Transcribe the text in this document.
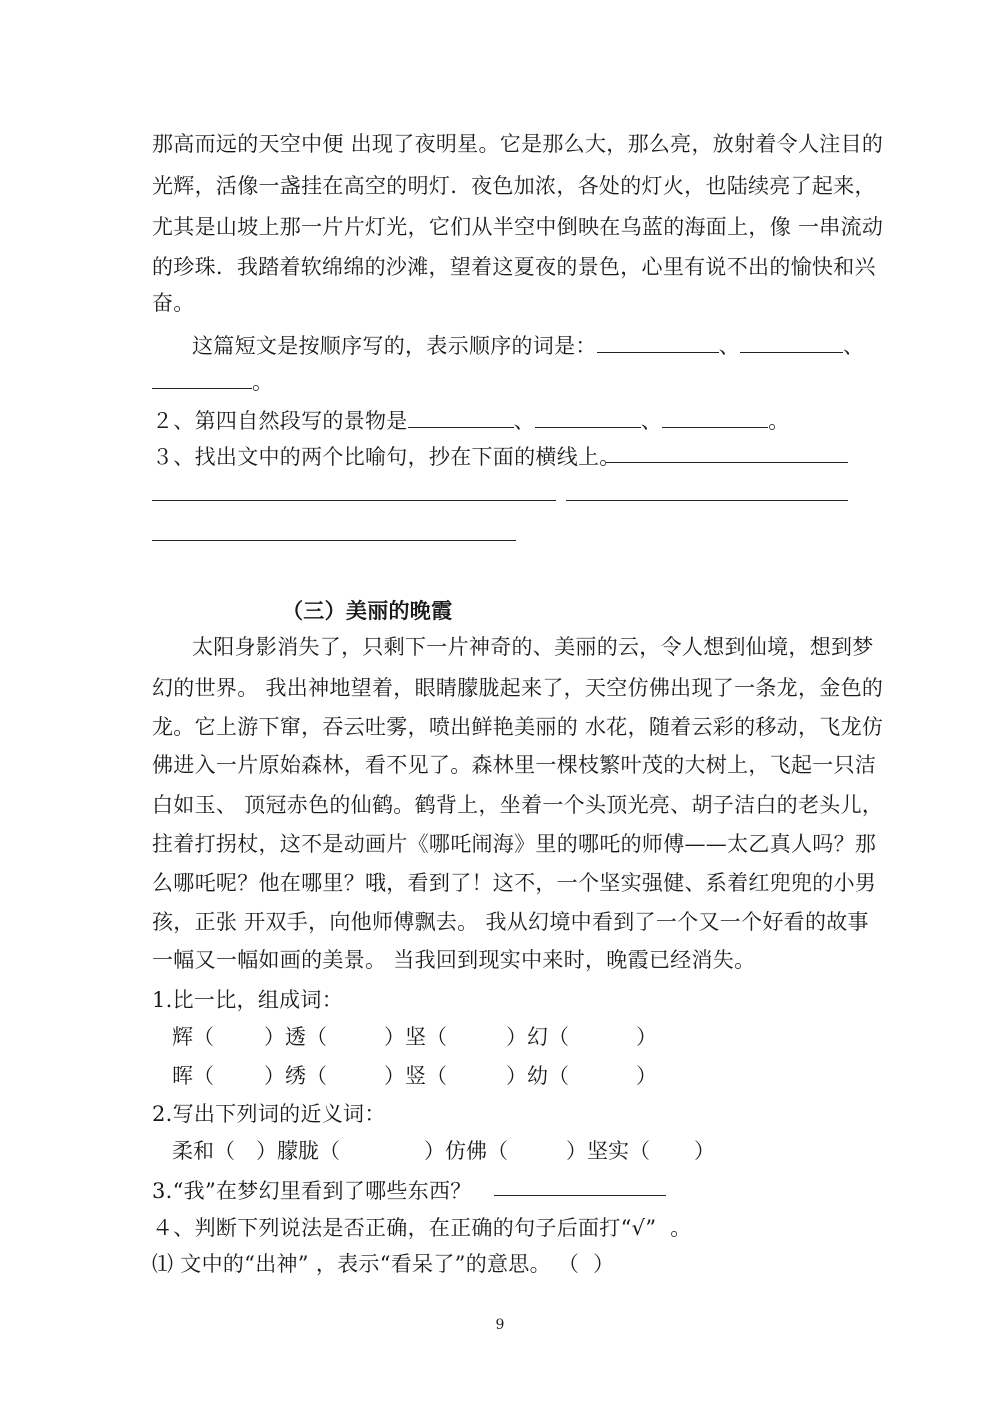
那高而远的天空中便 出现了夜明星。它是那么大，那么亮，放射着令人注目的
光辉，活像一盏挂在高空的明灯.  夜色加浓，各处的灯火，也陆续亮了起来，
尤其是山坡上那一片片灯光，它们从半空中倒映在乌蓝的海面上，像 一串流动
的珍珠.  我踏着软绵绵的沙滩，望着这夏夜的景色，心里有说不出的愉快和兴
奋。
这篇短文是按顺序写的，表示顺序的词是：	、	、
。
２、第四自然段写的景物是	、	、	。
３、找出文中的两个比喻句，抄在下面的横线上。
（三）美丽的晚霞
太阳身影消失了，只剩下一片神奇的、美丽的云，令人想到仙境，想到梦
幻的世界。 我出神地望着，眼睛朦胧起来了，天空仿佛出现了一条龙，金色的
龙。它上游下窜，吞云吐雾，喷出鲜艳美丽的 水花，随着云彩的移动，飞龙仿
佛进入一片原始森林，看不见了。森林里一棵枝繁叶茂的大树上，飞起一只洁
白如玉、 顶冠赤色的仙鹤。鹤背上，坐着一个头顶光亮、胡子洁白的老头儿，
拄着打拐杖，这不是动画片《哪吒闹海》里的哪吒的师傅——太乙真人吗？那
么哪吒呢？他在哪里？哦，看到了！这不，一个坚实强健、系着红兜兜的小男
孩，正张 开双手，向他师傅飘去。 我从幻境中看到了一个又一个好看的故事
一幅又一幅如画的美景。 当我回到现实中来时，晚霞已经消失。
1.比一比，组成词：
辉（ ）透（	）坚（	）幻（	）
晖（ ）绣（	）竖（	）幼（	）
2.写出下列词的近义词：
柔和（ ）朦胧（	）仿佛（	）坚实（ ）
3.“我”在梦幻里看到了哪些东西？
４、判断下列说法是否正确，在正确的句子后面打“√”  。
⑴ 文中的“出神” ，表示“看呆了”的意思。 （  ）
9
